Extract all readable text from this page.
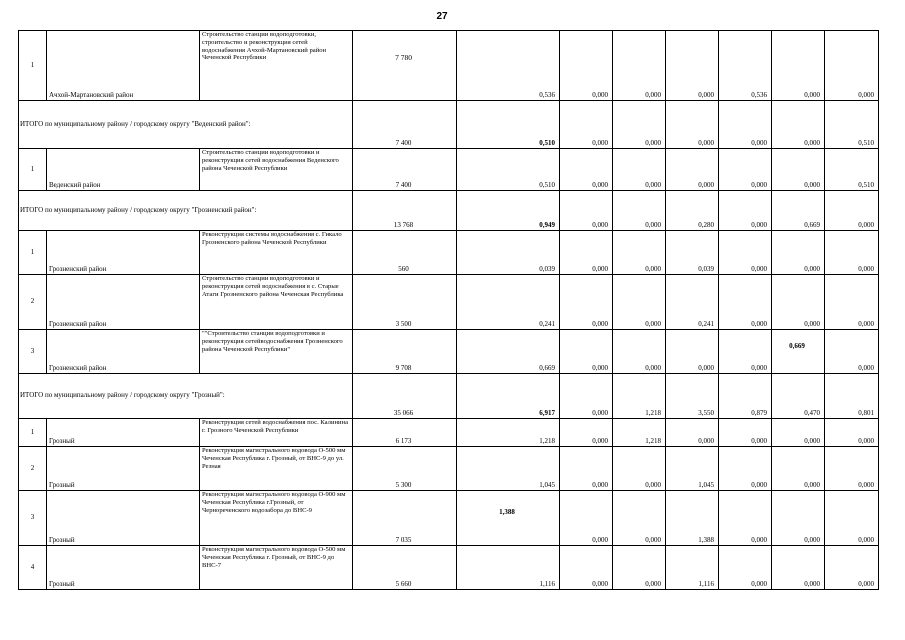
27
1	Ачхой-Мартановский район	Строительство станции водоподготовки, строительство и реконструкция сетей водоснабжения Ачхой-Мартановский район Чеченской Республики	7 780	0,536	0,000	0,000	0,000	0,536	0,000	0,000
ИТОГО по муниципальному району / городскому округу "Веденский район":			7 400	0,510	0,000	0,000	0,000	0,000	0,000	0,510
1	Веденский район	Строительство станции водоподготовки и реконструкция сетей водоснабжения Веденского района Чеченской Республики	7 400	0,510	0,000	0,000	0,000	0,000	0,000	0,510
ИТОГО по муниципальному району / городскому округу "Грозненский район":			13 768	0,949	0,000	0,000	0,280	0,000	0,669	0,000
1	Грозненский район	Реконструкция системы водоснабжения с. Гикало Грозненского района Чеченской Республики	560	0,039	0,000	0,000	0,039	0,000	0,000	0,000
2	Грозненский район	Строительство станции водоподготовки и реконструкция сетей водоснабжения в с. Старые Атаги Грозненского района Чеченская Республика	3 500	0,241	0,000	0,000	0,241	0,000	0,000	0,000
3	Грозненский район	""Строительство станции водоподготовки и реконструкция сетейводоснабжения Грозненского района Чеченской Республики"	9 708	0,669	0,000	0,000	0,000	0,000	0,669	0,000
ИТОГО по муниципальному району / городскому округу "Грозный":			35 066	6,917	0,000	1,218	3,550	0,879	0,470	0,801
1	Грозный	Реконструкция сетей водоснабжения пос. Калинина г. Грозного Чеченской Республики	6 173	1,218	0,000	1,218	0,000	0,000	0,000	0,000
2	Грозный	Реконструкция магистрального водовода О-500 мм Чеченская Республика г. Грозный, от ВНС-9 до ул. Резная	5 300	1,045	0,000	0,000	1,045	0,000	0,000	0,000
3	Грозный	Реконструкция магистрального водовода О-900 мм Чеченская Республика г.Грозный, от Чернореченского водозабора до ВНС-9	7 035	1,388	0,000	0,000	1,388	0,000	0,000	0,000
4	Грозный	Реконструкция магистрального водовода О-500 мм Чеченская Республика г. Грозный, от ВНС-9 до ВНС-7	5 660	1,116	0,000	0,000	1,116	0,000	0,000	0,000
